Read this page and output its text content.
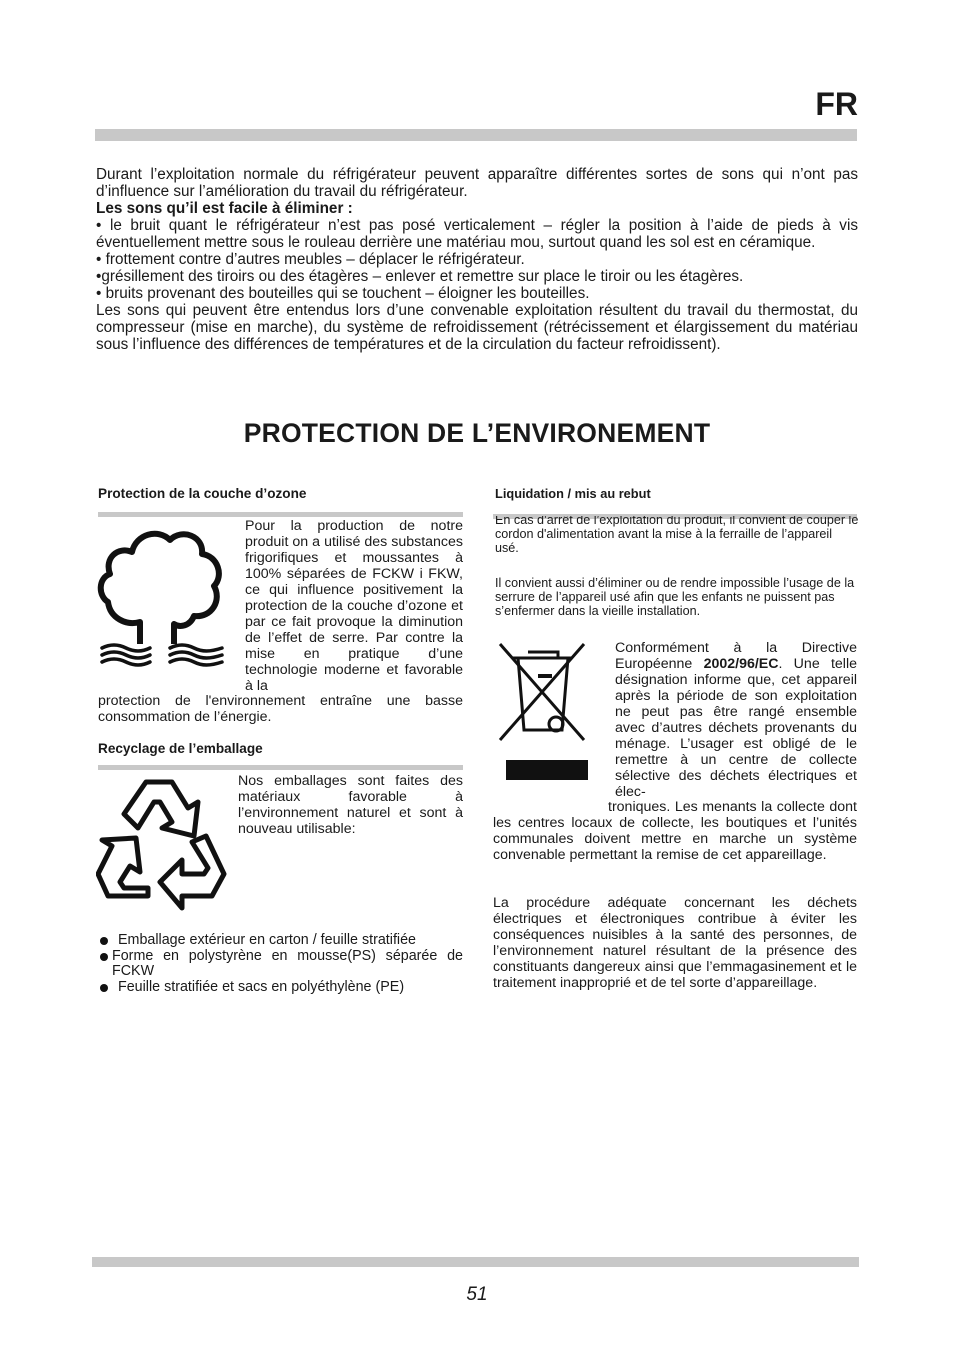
FR

Durant l’exploitation normale du réfrigérateur peuvent apparaître différentes sortes de sons qui n’ont pas d’influence sur l’amélioration du travail du réfrigérateur.

Les sons qu’il est facile à éliminer :

• le bruit quant le réfrigérateur n’est pas posé verticalement – régler la position à l’aide de pieds à vis éventuellement mettre sous le rouleau derrière une matériau mou, surtout quand les sol est en céramique.

• frottement contre d’autres meubles – déplacer le réfrigérateur.

•grésillement des tiroirs ou des étagères – enlever et remettre sur place le tiroir ou les étagères.

• bruits provenant des bouteilles qui se touchent – éloigner les bouteilles.

Les sons qui peuvent être entendus lors d’une convenable exploitation résultent du travail du thermostat, du compresseur (mise en marche), du système de refroidissement (rétrécissement et élargissement du matériau sous l’influence des différences de températures et de la circulation du facteur refroidissent).

PROTECTION DE L’ENVIRONEMENT
Protection de la couche d’ozone
Pour la production de notre produit on a utilisé des substances frigorifiques et moussantes à 100% séparées de FCKW i FKW, ce qui influence positivement la protection de la couche d’ozone et par ce fait provoque la diminution de l’effet de serre. Par contre la mise en pratique d’une technologie moderne et favorable à la
protection de l'environnement entraîne une basse consommation de l’énergie.
Recyclage de l’emballage
Nos emballages sont faites des matériaux favorable à l’environnement naturel et sont à nouveau utilisable:
Emballage extérieur en carton / feuille stratifiée
Forme en polystyrène en mousse(PS) séparée de FCKW
Feuille stratifiée et sacs en polyéthylène (PE)
Liquidation / mis au rebut

En cas d’arrêt de l’exploitation du produit, il convient de couper le cordon d'alimentation avant la mise à la ferraille de l’appareil usé.

Il convient aussi d’éliminer ou de rendre impossible l’usage de la serrure de l’appareil usé afin que les enfants ne puissent pas s’enfermer dans la vieille installation.
Conformément à la Directive Européenne 2002/96/EC. Une telle désignation informe que, cet appareil après la période de son exploitation ne peut pas être rangé ensemble avec d’autres déchets provenants du ménage. L’usager est obligé de le remettre à un centre de collecte sélective des déchets électriques et élec-
troniques. Les menants la collecte dont les centres locaux de collecte, les boutiques et l’unités communales doivent mettre en marche un système convenable permettant la remise de cet appareillage.
La procédure adéquate concernant les déchets électriques et électroniques contribue à éviter les conséquences nuisibles à la santé des personnes, de l’environnement naturel résultant de la présence des constituants dangereux ainsi que l’emmagasinement et le traitement inapproprié et de tel sorte d’appareillage.
51
